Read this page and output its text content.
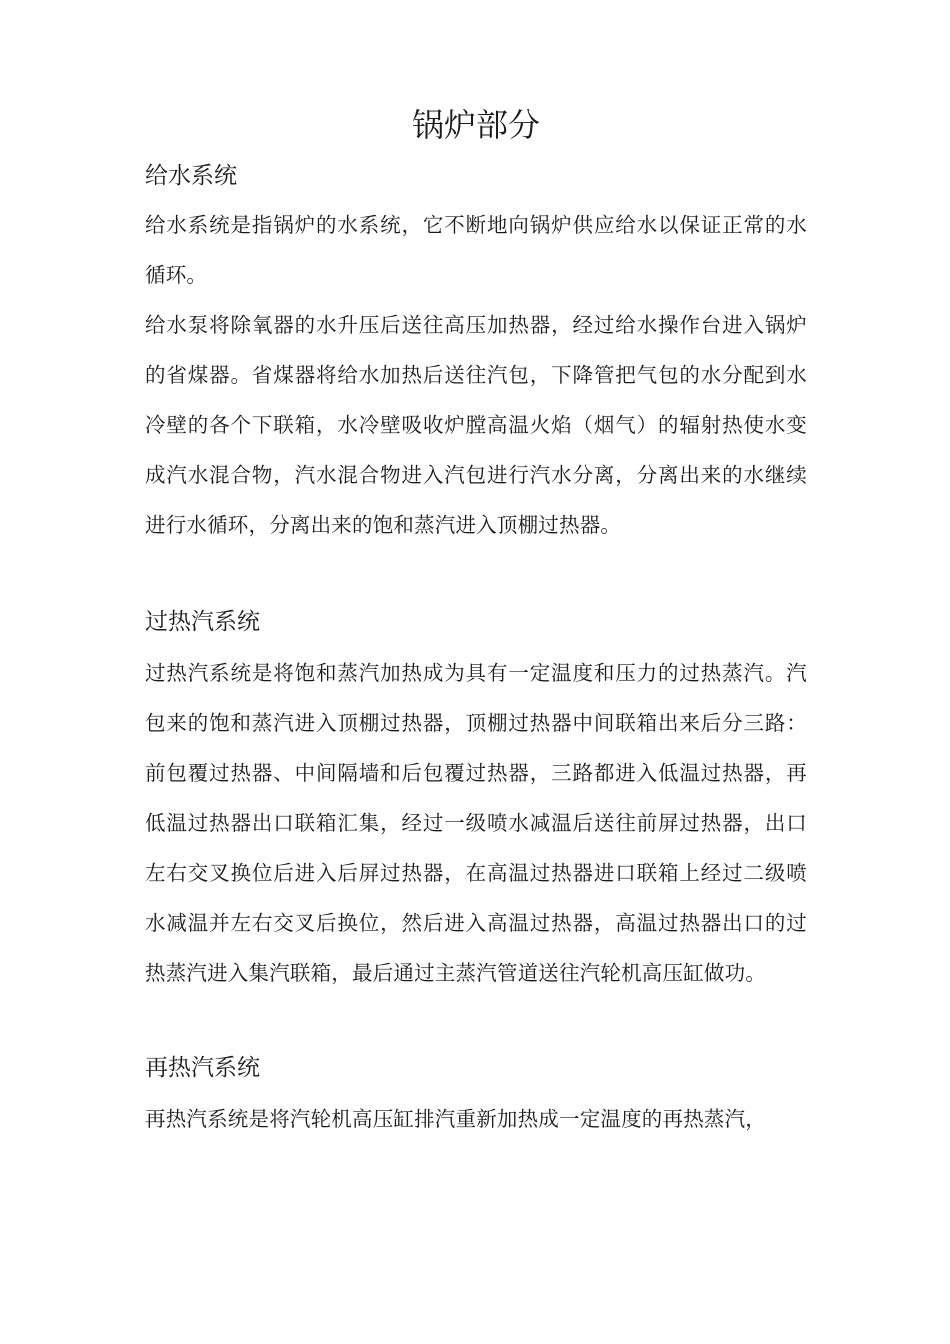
锅炉部分
给水系统

给水系统是指锅炉的水系统，它不断地向锅炉供应给水以保证正常的水循环。

给水泵将除氧器的水升压后送往高压加热器，经过给水操作台进入锅炉的省煤器。省煤器将给水加热后送往汽包，下降管把气包的水分配到水冷壁的各个下联箱，水冷壁吸收炉膛高温火焰（烟气）的辐射热使水变成汽水混合物，汽水混合物进入汽包进行汽水分离，分离出来的水继续进行水循环，分离出来的饱和蒸汽进入顶棚过热器。

过热汽系统

过热汽系统是将饱和蒸汽加热成为具有一定温度和压力的过热蒸汽。汽包来的饱和蒸汽进入顶棚过热器，顶棚过热器中间联箱出来后分三路：前包覆过热器、中间隔墙和后包覆过热器，三路都进入低温过热器，再低温过热器出口联箱汇集，经过一级喷水减温后送往前屏过热器，出口左右交叉换位后进入后屏过热器，在高温过热器进口联箱上经过二级喷水减温并左右交叉后换位，然后进入高温过热器，高温过热器出口的过热蒸汽进入集汽联箱，最后通过主蒸汽管道送往汽轮机高压缸做功。

再热汽系统

再热汽系统是将汽轮机高压缸排汽重新加热成一定温度的再热蒸汽，
